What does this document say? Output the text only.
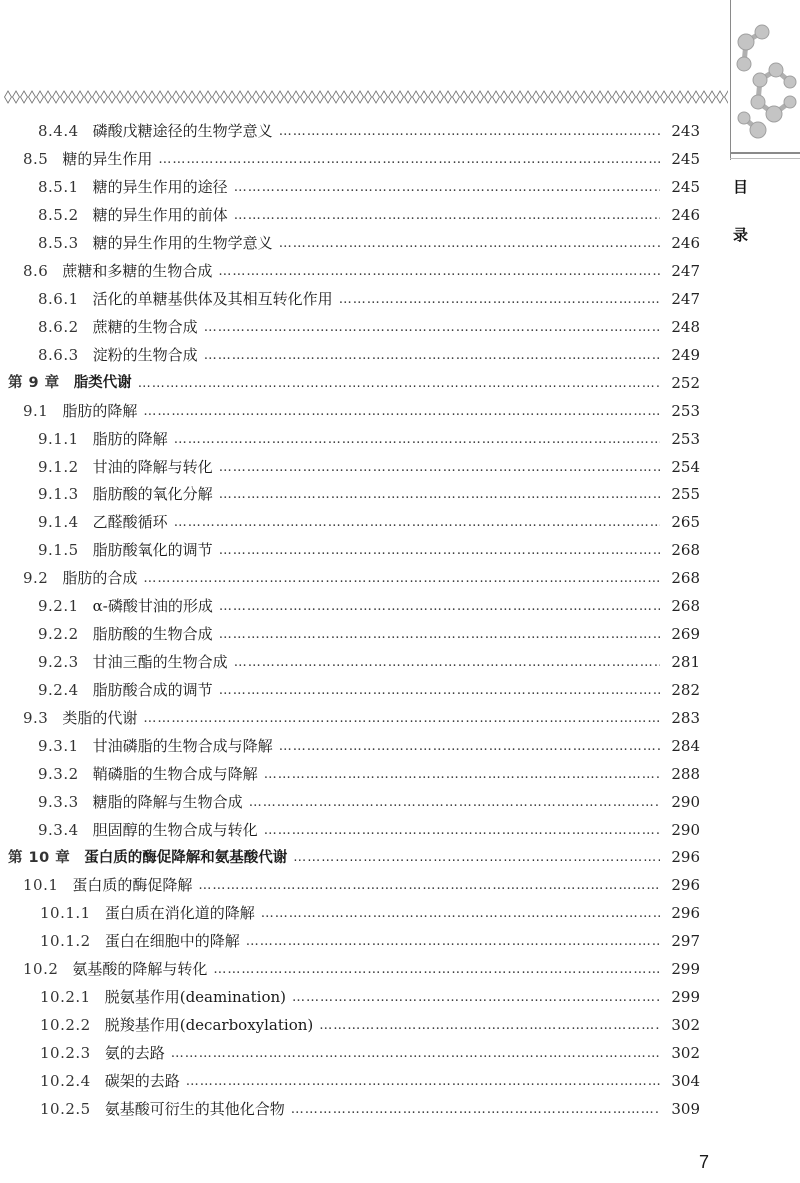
目
录
8.4.4 磷酸戊糖途径的生物学意义 ………………………………………………………………………………………………………………………………………………………………	243
8.5 糖的异生作用 ………………………………………………………………………………………………………………………………………………………………	245
8.5.1 糖的异生作用的途径 ………………………………………………………………………………………………………………………………………………………………	245
8.5.2 糖的异生作用的前体 ………………………………………………………………………………………………………………………………………………………………	246
8.5.3 糖的异生作用的生物学意义 ………………………………………………………………………………………………………………………………………………………………	246
8.6 蔗糖和多糖的生物合成 ………………………………………………………………………………………………………………………………………………………………	247
8.6.1 活化的单糖基供体及其相互转化作用 ………………………………………………………………………………………………………………………………………………………………	247
8.6.2 蔗糖的生物合成 ………………………………………………………………………………………………………………………………………………………………	248
8.6.3 淀粉的生物合成 ………………………………………………………………………………………………………………………………………………………………	249
第 9 章 脂类代谢 ………………………………………………………………………………………………………………………………………………………………	252
9.1 脂肪的降解 ………………………………………………………………………………………………………………………………………………………………	253
9.1.1 脂肪的降解 ………………………………………………………………………………………………………………………………………………………………	253
9.1.2 甘油的降解与转化 ………………………………………………………………………………………………………………………………………………………………	254
9.1.3 脂肪酸的氧化分解 ………………………………………………………………………………………………………………………………………………………………	255
9.1.4 乙醛酸循环 ………………………………………………………………………………………………………………………………………………………………	265
9.1.5 脂肪酸氧化的调节 ………………………………………………………………………………………………………………………………………………………………	268
9.2 脂肪的合成 ………………………………………………………………………………………………………………………………………………………………	268
9.2.1 α-磷酸甘油的形成 ………………………………………………………………………………………………………………………………………………………………	268
9.2.2 脂肪酸的生物合成 ………………………………………………………………………………………………………………………………………………………………	269
9.2.3 甘油三酯的生物合成 ………………………………………………………………………………………………………………………………………………………………	281
9.2.4 脂肪酸合成的调节 ………………………………………………………………………………………………………………………………………………………………	282
9.3 类脂的代谢 ………………………………………………………………………………………………………………………………………………………………	283
9.3.1 甘油磷脂的生物合成与降解 ………………………………………………………………………………………………………………………………………………………………	284
9.3.2 鞘磷脂的生物合成与降解 ………………………………………………………………………………………………………………………………………………………………	288
9.3.3 糖脂的降解与生物合成 ………………………………………………………………………………………………………………………………………………………………	290
9.3.4 胆固醇的生物合成与转化 ………………………………………………………………………………………………………………………………………………………………	290
第 10 章 蛋白质的酶促降解和氨基酸代谢 ………………………………………………………………………………………………………………………………………………………………	296
10.1 蛋白质的酶促降解 ………………………………………………………………………………………………………………………………………………………………	296
10.1.1 蛋白质在消化道的降解 ………………………………………………………………………………………………………………………………………………………………	296
10.1.2 蛋白在细胞中的降解 ………………………………………………………………………………………………………………………………………………………………	297
10.2 氨基酸的降解与转化 ………………………………………………………………………………………………………………………………………………………………	299
10.2.1 脱氨基作用(deamination) ………………………………………………………………………………………………………………………………………………………………	299
10.2.2 脱羧基作用(decarboxylation) ………………………………………………………………………………………………………………………………………………………………	302
10.2.3 氨的去路 ………………………………………………………………………………………………………………………………………………………………	302
10.2.4 碳架的去路 ………………………………………………………………………………………………………………………………………………………………	304
10.2.5 氨基酸可衍生的其他化合物 ………………………………………………………………………………………………………………………………………………………………	309
7
